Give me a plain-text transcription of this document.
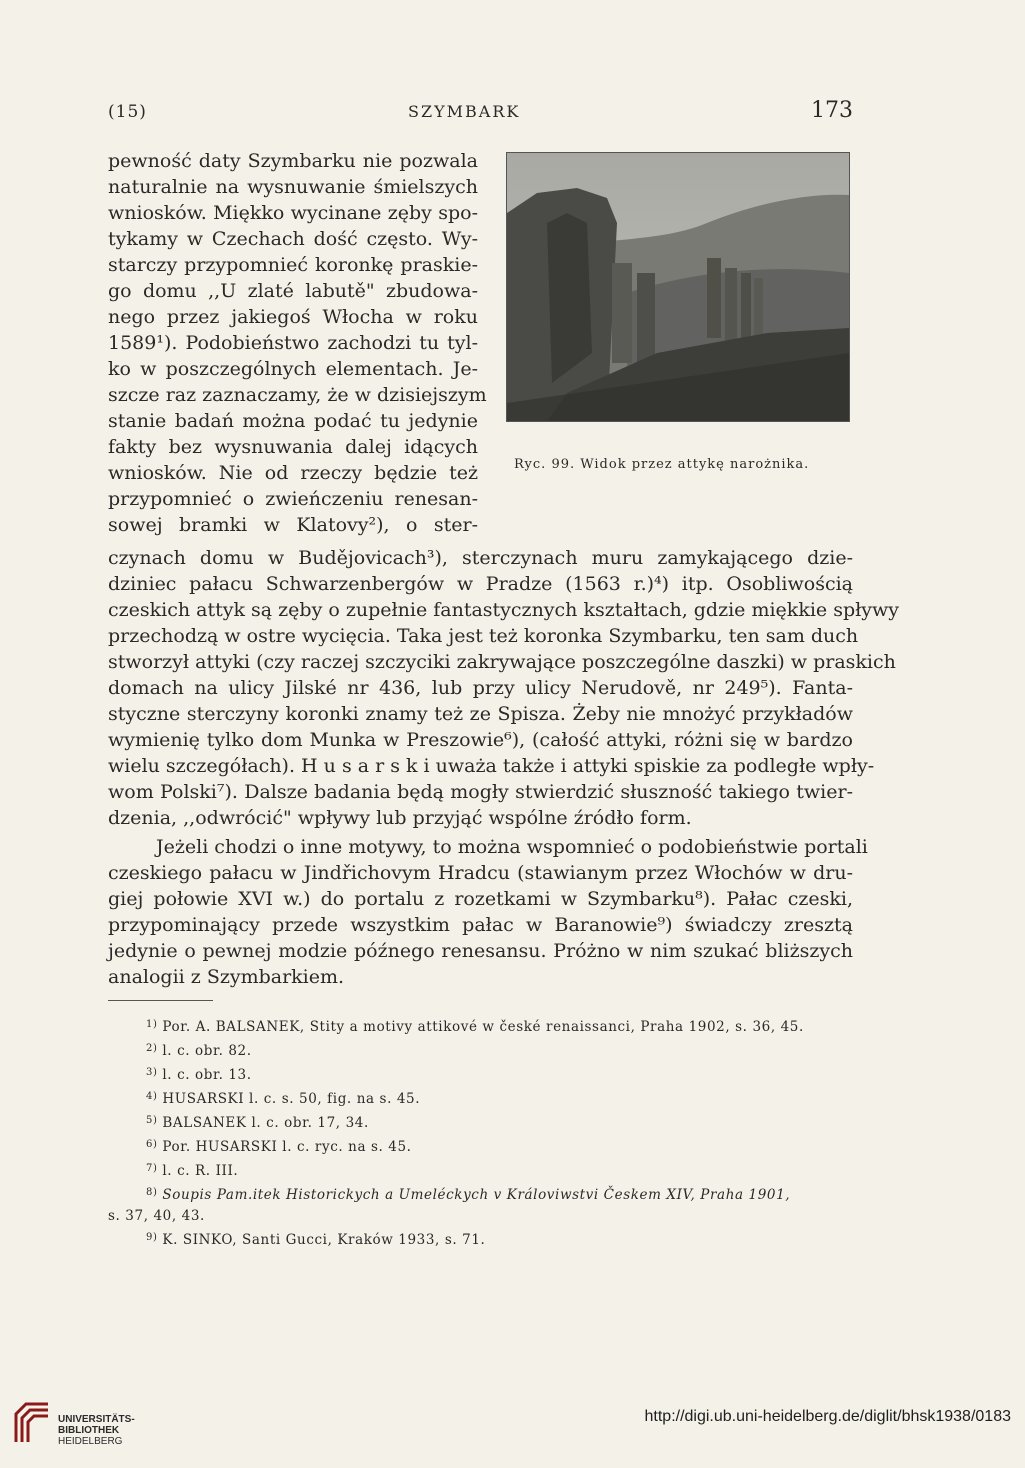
(15)	SZYMBARK	173
Ryc. 99. Widok przez attykę narożnika.
pewność daty Szymbarku nie pozwala
naturalnie na wysnuwanie śmielszych
wniosków. Miękko wycinane zęby spo-
tykamy w Czechach dość często. Wy-
starczy przypomnieć koronkę praskie-
go domu ,,U zlaté labutě" zbudowa-
nego przez jakiegoś Włocha w roku
1589¹). Podobieństwo zachodzi tu tyl-
ko w poszczególnych elementach. Je-
szcze raz zaznaczamy, że w dzisiejszym
stanie badań można podać tu jedynie
fakty bez wysnuwania dalej idących
wniosków. Nie od rzeczy będzie też
przypomnieć o zwieńczeniu renesan-
sowej bramki w Klatovy²), o ster-
czynach domu w Budějovicach³), sterczynach muru zamykającego dzie-
dziniec pałacu Schwarzenbergów w Pradze (1563 r.)⁴) itp. Osobliwością
czeskich attyk są zęby o zupełnie fantastycznych kształtach, gdzie miękkie spływy
przechodzą w ostre wycięcia. Taka jest też koronka Szymbarku, ten sam duch
stworzył attyki (czy raczej szczyciki zakrywające poszczególne daszki) w praskich
domach na ulicy Jilské nr 436, lub przy ulicy Nerudově, nr 249⁵). Fanta-
styczne sterczyny koronki znamy też ze Spisza. Żeby nie mnożyć przykładów
wymienię tylko dom Munka w Preszowie⁶), (całość attyki, różni się w bardzo
wielu szczegółach). H u s a r s k i uważa także i attyki spiskie za podległe wpły-
wom Polski⁷). Dalsze badania będą mogły stwierdzić słuszność takiego twier-
dzenia, ,,odwrócić" wpływy lub przyjąć wspólne źródło form.
Jeżeli chodzi o inne motywy, to można wspomnieć o podobieństwie portali
czeskiego pałacu w Jindřichovym Hradcu (stawianym przez Włochów w dru-
giej połowie XVI w.) do portalu z rozetkami w Szymbarku⁸). Pałac czeski,
przypominający przede wszystkim pałac w Baranowie⁹) świadczy zresztą
jedynie o pewnej modzie późnego renesansu. Próżno w nim szukać bliższych
analogii z Szymbarkiem.
$^{1)}$ Por. A. BALSANEK, Stity a motivy attikové w české renaissanci, Praha 1902, s. 36, 45.
$^{2)}$ l. c. obr. 82.
$^{3)}$ l. c. obr. 13.
$^{4)}$ HUSARSKI l. c. s. 50, fig. na s. 45.
$^{5)}$ BALSANEK l. c. obr. 17, 34.
$^{6)}$ Por. HUSARSKI l. c. ryc. na s. 45.
$^{7)}$ l. c. R. III.
$^{8)}$ Soupis Pam.itek Historickych a Umeléckych v Královiwstvi Českem XIV, Praha 1901,
s. 37, 40, 43.
$^{9)}$ K. SINKO, Santi Gucci, Kraków 1933, s. 71.
UNIVERSITÄTS-
BIBLIOTHEK
HEIDELBERG
http://digi.ub.uni-heidelberg.de/diglit/bhsk1938/0183
